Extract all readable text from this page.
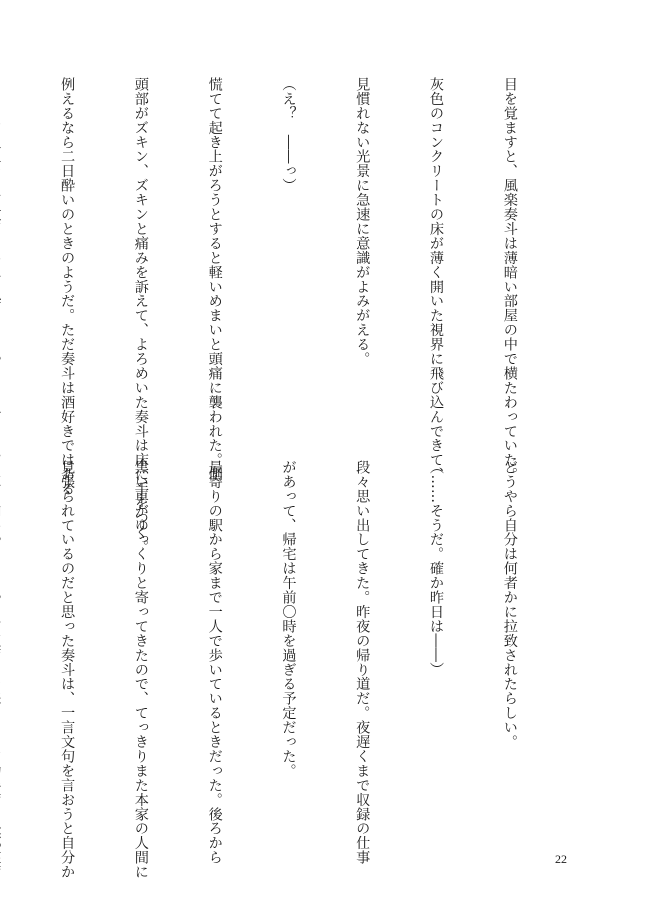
目を覚ますと、風楽奏斗は薄暗い部屋の中で横たわっていた。

灰色のコンクリートの床が薄く開いた視界に飛び込んできて、

見慣れない光景に急速に意識がよみがえる。

（え？　――っ）

慌てて起き上がろうとすると軽いめまいと頭痛に襲われた。側

頭部がズキン、ズキンと痛みを訴えて、よろめいた奏斗は床に手をつく。

例えるなら二日酔いのときのようだ。ただ奏斗は酒好きではある

どうやら自分は何者かに拉致されたらしい。

（……そうだ。確か昨日は――）

段々思い出してきた。昨夜の帰り道だ。夜遅くまで収録の仕事

があって、帰宅は午前〇時を過ぎる予定だった。

最寄りの駅から家まで一人で歩いているときだった。後ろから

黒い車がゆっくりと寄ってきたので、てっきりまた本家の人間に

見張られているのだと思った奏斗は、一言文句を言おうと自分か

	22
